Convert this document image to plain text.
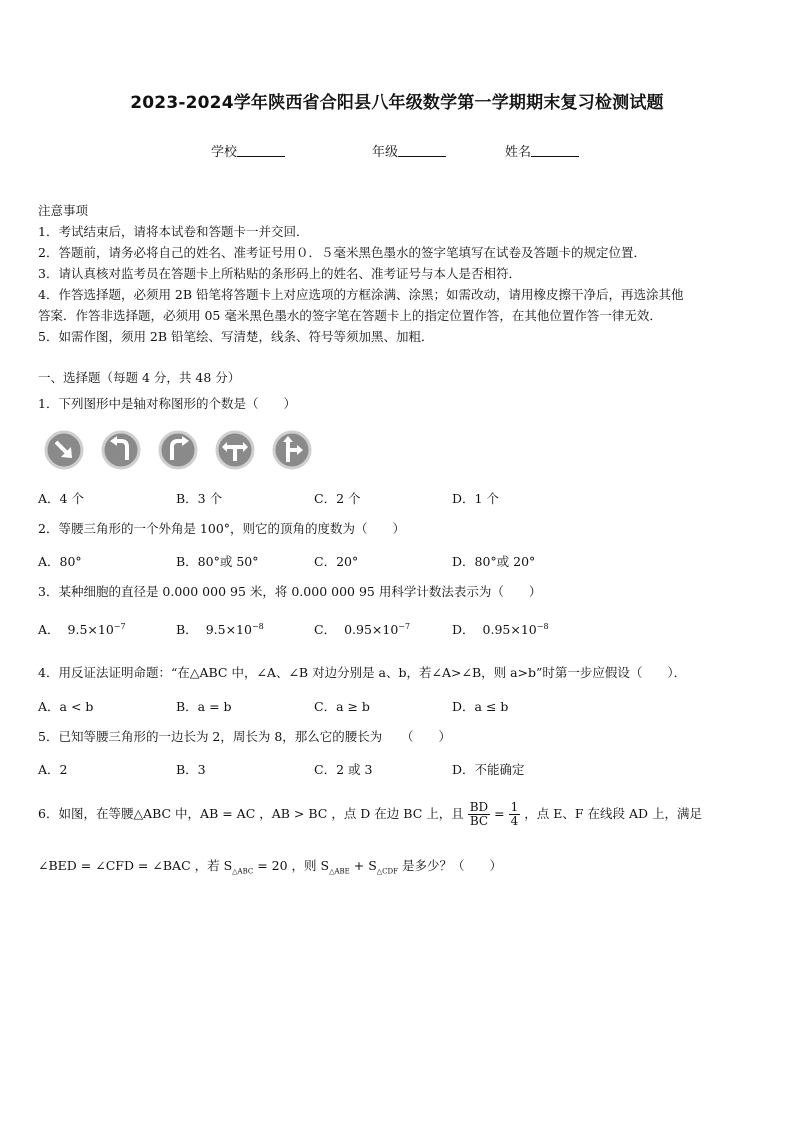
2023-2024学年陕西省合阳县八年级数学第一学期期末复习检测试题
学校	年级	姓名
注意事项
1．考试结束后，请将本试卷和答题卡一并交回．
2．答题前，请务必将自己的姓名、准考证号用０．５毫米黑色墨水的签字笔填写在试卷及答题卡的规定位置．
3．请认真核对监考员在答题卡上所粘贴的条形码上的姓名、准考证号与本人是否相符．
4．作答选择题，必须用 2B 铅笔将答题卡上对应选项的方框涂满、涂黑；如需改动，请用橡皮擦干净后，再选涂其他
答案．作答非选择题，必须用 05 毫米黑色墨水的签字笔在答题卡上的指定位置作答，在其他位置作答一律无效．
5．如需作图，须用 2B 铅笔绘、写清楚，线条、符号等须加黑、加粗．
一、选择题（每题 4 分，共 48 分）
1．下列图形中是轴对称图形的个数是（　　）
A．4 个	B．3 个	C．2 个	D．1 个
2．等腰三角形的一个外角是 100°，则它的顶角的度数为（　　）
A．80°	B．80°或 50°	C．20°	D．80°或 20°
3．某种细胞的直径是 0.000 000 95 米，将 0.000 000 95 用科学计数法表示为（　　）
A． $9.5\times 10^{-7}$	B． $9.5\times 10^{-8}$	C． $0.95\times 10^{-7}$	D． $0.95\times 10^{-8}$
4．用反证法证明命题：“在△ABC 中，∠A、∠B 对边分别是 a、b，若∠A>∠B，则 a>b”时第一步应假设（　　）．
A．a < b	B．a = b	C．a ≥ b	D．a ≤ b
5．已知等腰三角形的一边长为 2，周长为 8，那么它的腰长为　　（　　）
A．2	B．3	C．2 或 3	D．不能确定
6．如图，在等腰△ABC 中，AB = AC ，AB > BC ，点 D 在边 BC 上，且 $\frac{BD}{BC} = \frac{1}{4}$ ，点 E、F 在线段 AD 上，满足
∠BED = ∠CFD = ∠BAC ，若 $S_{\triangle ABC} = 20$ ，则 $S_{\triangle ABE} + S_{\triangle CDF}$ 是多少？（　　）
